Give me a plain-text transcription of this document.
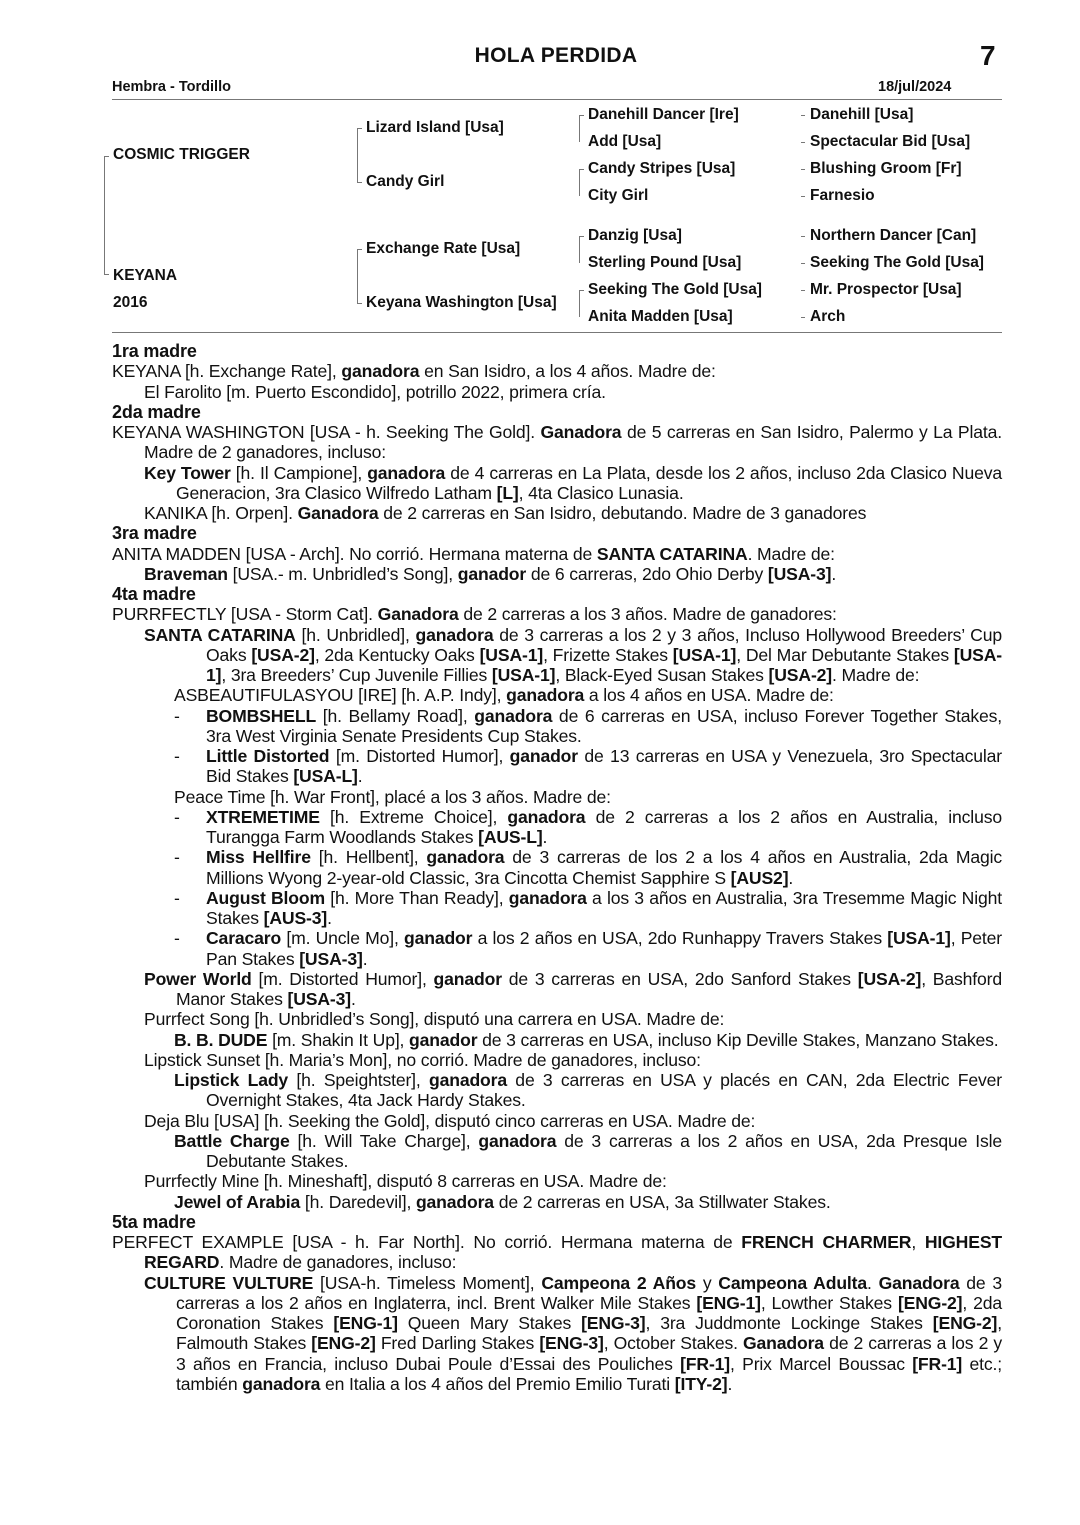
HOLA PERDIDA	7
Hembra - Tordillo	18/jul/2024
COSMIC TRIGGER
KEYANA
2016
Lizard Island [Usa]
Candy Girl
Exchange Rate [Usa]
Keyana Washington [Usa]
Danehill Dancer [Ire]
Add [Usa]
Candy Stripes [Usa]
City Girl
Danzig [Usa]
Sterling Pound [Usa]
Seeking The Gold [Usa]
Anita Madden [Usa]
Danehill [Usa]
Spectacular Bid [Usa]
Blushing Groom [Fr]
Farnesio
Northern Dancer [Can]
Seeking The Gold [Usa]
Mr. Prospector [Usa]
Arch
1ra madre

KEYANA [h. Exchange Rate], ganadora en San Isidro, a los 4 años. Madre de:

El Farolito [m. Puerto Escondido], potrillo 2022, primera cría.

2da madre

KEYANA WASHINGTON [USA - h. Seeking The Gold]. Ganadora de 5 carreras en San Isidro, Palermo y La Plata. Madre de 2 ganadores, incluso:

Key Tower [h. Il Campione], ganadora de 4 carreras en La Plata, desde los 2 años, incluso 2da Clasico Nueva Generacion, 3ra Clasico Wilfredo Latham [L], 4ta Clasico Lunasia.

KANIKA [h. Orpen]. Ganadora de 2 carreras en San Isidro, debutando. Madre de 3 ganadores

3ra madre

ANITA MADDEN [USA - Arch]. No corrió. Hermana materna de SANTA CATARINA. Madre de:

Braveman [USA.- m. Unbridled’s Song], ganador de 6 carreras, 2do Ohio Derby [USA-3].

4ta madre

PURRFECTLY [USA - Storm Cat]. Ganadora de 2 carreras a los 3 años. Madre de ganadores:

SANTA CATARINA [h. Unbridled], ganadora de 3 carreras a los 2 y 3 años, Incluso Hollywood Breeders’ Cup Oaks [USA-2], 2da Kentucky Oaks [USA-1], Frizette Stakes [USA-1], Del Mar Debutante Stakes [USA-1], 3ra Breeders’ Cup Juvenile Fillies [USA-1], Black-Eyed Susan Stakes [USA-2]. Madre de:

ASBEAUTIFULASYOU [IRE] [h. A.P. Indy], ganadora a los 4 años en USA. Madre de:

- BOMBSHELL [h. Bellamy Road], ganadora de 6 carreras en USA, incluso Forever Together Stakes, 3ra West Virginia Senate Presidents Cup Stakes.

- Little Distorted [m. Distorted Humor], ganador de 13 carreras en USA y Venezuela, 3ro Spectacular Bid Stakes [USA-L].

Peace Time [h. War Front], placé a los 3 años. Madre de:

- XTREMETIME [h. Extreme Choice], ganadora de 2 carreras a los 2 años en Australia, incluso Turangga Farm Woodlands Stakes [AUS-L].

- Miss Hellfire [h. Hellbent], ganadora de 3 carreras de los 2 a los 4 años en Australia, 2da Magic Millions Wyong 2-year-old Classic, 3ra Cincotta Chemist Sapphire S [AUS2].

- August Bloom [h. More Than Ready], ganadora a los 3 años en Australia, 3ra Tresemme Magic Night Stakes [AUS-3].

- Caracaro [m. Uncle Mo], ganador a los 2 años en USA, 2do Runhappy Travers Stakes [USA-1], Peter Pan Stakes [USA-3].

Power World [m. Distorted Humor], ganador de 3 carreras en USA, 2do Sanford Stakes [USA-2], Bashford Manor Stakes [USA-3].

Purrfect Song [h. Unbridled’s Song], disputó una carrera en USA. Madre de:

B. B. DUDE [m. Shakin It Up], ganador de 3 carreras en USA, incluso Kip Deville Stakes, Manzano Stakes.

Lipstick Sunset [h. Maria’s Mon], no corrió. Madre de ganadores, incluso:

Lipstick Lady [h. Speightster], ganadora de 3 carreras en USA y placés en CAN, 2da Electric Fever Overnight Stakes, 4ta Jack Hardy Stakes.

Deja Blu [USA] [h. Seeking the Gold], disputó cinco carreras en USA. Madre de:

Battle Charge [h. Will Take Charge], ganadora de 3 carreras a los 2 años en USA, 2da Presque Isle Debutante Stakes.

Purrfectly Mine [h. Mineshaft], disputó 8 carreras en USA. Madre de:

Jewel of Arabia [h. Daredevil], ganadora de 2 carreras en USA, 3a Stillwater Stakes.

5ta madre

PERFECT EXAMPLE [USA - h. Far North]. No corrió. Hermana materna de FRENCH CHARMER, HIGHEST REGARD. Madre de ganadores, incluso:

CULTURE VULTURE [USA-h. Timeless Moment], Campeona 2 Años y Campeona Adulta. Ganadora de 3 carreras a los 2 años en Inglaterra, incl. Brent Walker Mile Stakes [ENG-1], Lowther Stakes [ENG-2], 2da Coronation Stakes [ENG-1] Queen Mary Stakes [ENG-3], 3ra Juddmonte Lockinge Stakes [ENG-2], Falmouth Stakes [ENG-2] Fred Darling Stakes [ENG-3], October Stakes. Ganadora de 2 carreras a los 2 y 3 años en Francia, incluso Dubai Poule d’Essai des Pouliches [FR-1], Prix Marcel Boussac [FR-1] etc.; también ganadora en Italia a los 4 años del Premio Emilio Turati [ITY-2].
